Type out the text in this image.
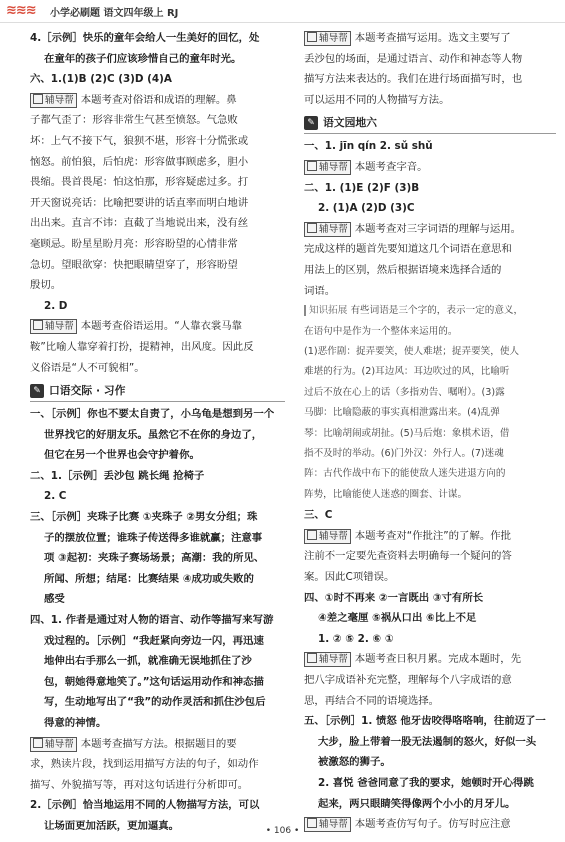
≋≋≋	小学必刷题 语文四年级上 RJ
4.［示例］快乐的童年会给人一生美好的回忆，处
在童年的孩子们应该珍惜自己的童年时光。
六、1.(1)B (2)C (3)D (4)A
辅导帮 本题考查对俗语和成语的理解。鼻
子都气歪了：形容非常生气甚至愤怒。气急败
坏：上气不接下气，狼狈不堪，形容十分慌张或
恼怒。前怕狼，后怕虎：形容做事顾虑多，胆小
畏缩。畏首畏尾：怕这怕那，形容疑虑过多。打
开天窗说亮话：比喻把要讲的话直率而明白地讲
出出来。直言不讳：直截了当地说出来，没有丝
毫顾忌。盼星星盼月亮：形容盼望的心情非常
急切。望眼欲穿：快把眼睛望穿了，形容盼望
殷切。
2. D
辅导帮 本题考查俗语运用。“人靠衣裳马靠
鞍”比喻人靠穿着打扮，提精神，出风度。因此反
义俗语是“人不可貌相”。
✎ 口语交际 · 习作
一、［示例］你也不要太自责了，小乌龟是想到另一个
世界找它的好朋友乐。虽然它不在你的身边了，
但它在另一个世界也会守护着你。
二、1.［示例］丢沙包 跳长绳 抢椅子
2. C
三、［示例］夹珠子比赛 ①夹珠子 ②男女分组；珠
子的摆放位置；谁珠子传送得多谁就赢；注意事
项 ③起初：夹珠子赛场场景；高潮：我的所见、
所闻、所想；结尾：比赛结果 ④成功或失败的
感受
四、1. 作者是通过对人物的语言、动作等描写来写游
戏过程的。［示例］“我赶紧向旁边一闪，再迅速
地伸出右手那么一抓，就准确无误地抓住了沙
包，朝她得意地笑了。”这句话运用动作和神态描
写，生动地写出了“我”的动作灵活和抓住沙包后
得意的神情。
辅导帮 本题考查描写方法。根据题目的要
求，熟读片段，找到运用描写方法的句子，如动作
描写、外貌描写等，再对这句话进行分析即可。
2.［示例］恰当地运用不同的人物描写方法，可以
让场面更加活跃，更加逼真。
辅导帮 本题考查描写运用。选文主要写了
丢沙包的场面，是通过语言、动作和神态等人物
描写方法来表达的。我们在进行场面描写时，也
可以运用不同的人物描写方法。
✎ 语文园地六
一、1. jīn qín 2. sǔ shǔ
辅导帮 本题考查字音。
二、1. (1)E (2)F (3)B
2. (1)A (2)D (3)C
辅导帮 本题考查对三字词语的理解与运用。
完成这样的题首先要知道这几个词语在意思和
用法上的区别，然后根据语境来选择合适的
词语。
知识拓展 有些词语是三个字的，表示一定的意义，
在语句中是作为一个整体来运用的。
(1)恶作剧：捉弄要笑，使人难堪；捉弄要笑，使人
难堪的行为。(2)耳边风：耳边吹过的风，比喻听
过后不放在心上的话（多指劝告、嘱咐）。(3)露
马脚：比喻隐蔽的事实真相泄露出来。(4)乱弹
琴：比喻胡闹或胡扯。(5)马后炮：象棋术语，借
指不及时的举动。(6)门外汉：外行人。(7)迷魂
阵：古代作战中布下的能使敌人迷失进退方向的
阵势，比喻能使人迷惑的圈套、计谋。
三、C
辅导帮 本题考查对“作批注”的了解。作批
注前不一定要先查资料去明确每一个疑问的答
案。因此C项错误。
四、①时不再来 ②一言既出 ③寸有所长
④差之毫厘 ⑤祸从口出 ⑥比上不足
1. ② ⑤ 2. ⑥ ①
辅导帮 本题考查日积月累。完成本题时，先
把八字成语补充完整，理解每个八字成语的意
思，再结合不同的语境选择。
五、［示例］1. 愤怒 他牙齿咬得咯咯响，往前迈了一
大步，脸上带着一股无法遏制的怒火，好似一头
被激怒的狮子。
2. 喜悦 爸爸同意了我的要求，她顿时开心得跳
起来，两只眼睛笑得像两个小小的月牙儿。
辅导帮 本题考查仿写句子。仿写时应注意
• 106 •
